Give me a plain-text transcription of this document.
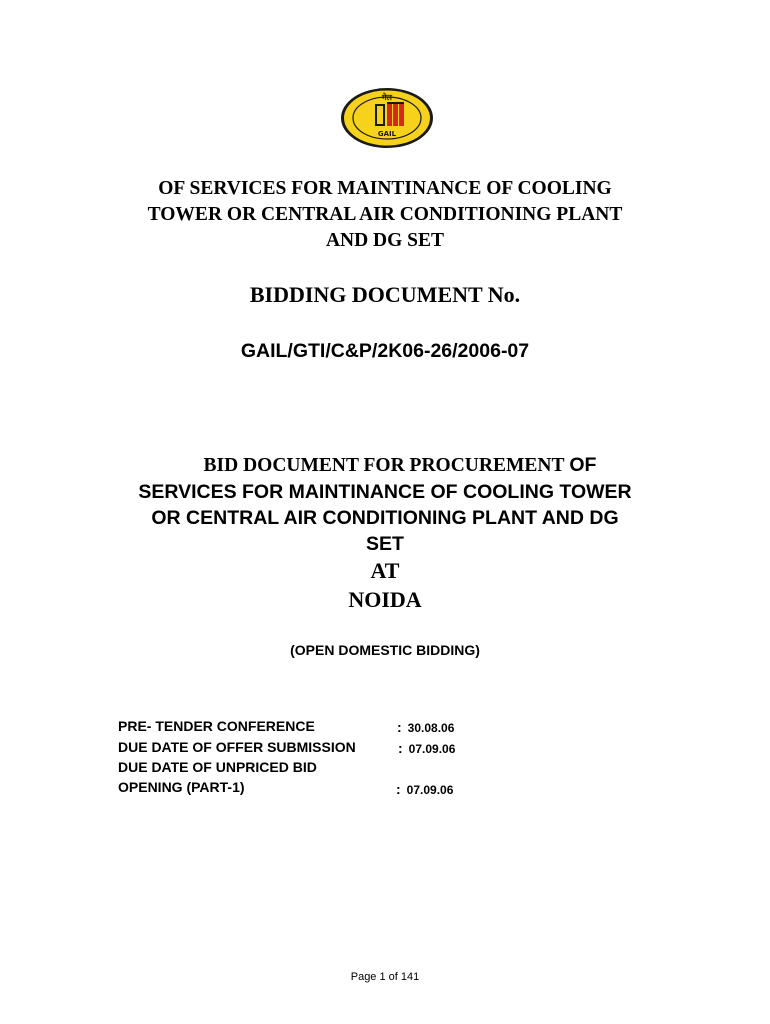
गेल
GAIL
OF SERVICES FOR MAINTINANCE OF COOLING
TOWER OR CENTRAL AIR CONDITIONING PLANT
AND DG SET
BIDDING DOCUMENT No.
GAIL/GTI/C&P/2K06-26/2006-07
BID DOCUMENT FOR PROCUREMENT OF
SERVICES FOR MAINTINANCE OF COOLING TOWER
OR CENTRAL AIR CONDITIONING PLANT AND DG
SET
AT
NOIDA
(OPEN DOMESTIC BIDDING)
PRE- TENDER CONFERENCE	: 30.08.06
DUE DATE OF OFFER SUBMISSION	: 07.09.06
DUE DATE OF UNPRICED BID
OPENING (PART-1)	: 07.09.06
Page 1 of 141
